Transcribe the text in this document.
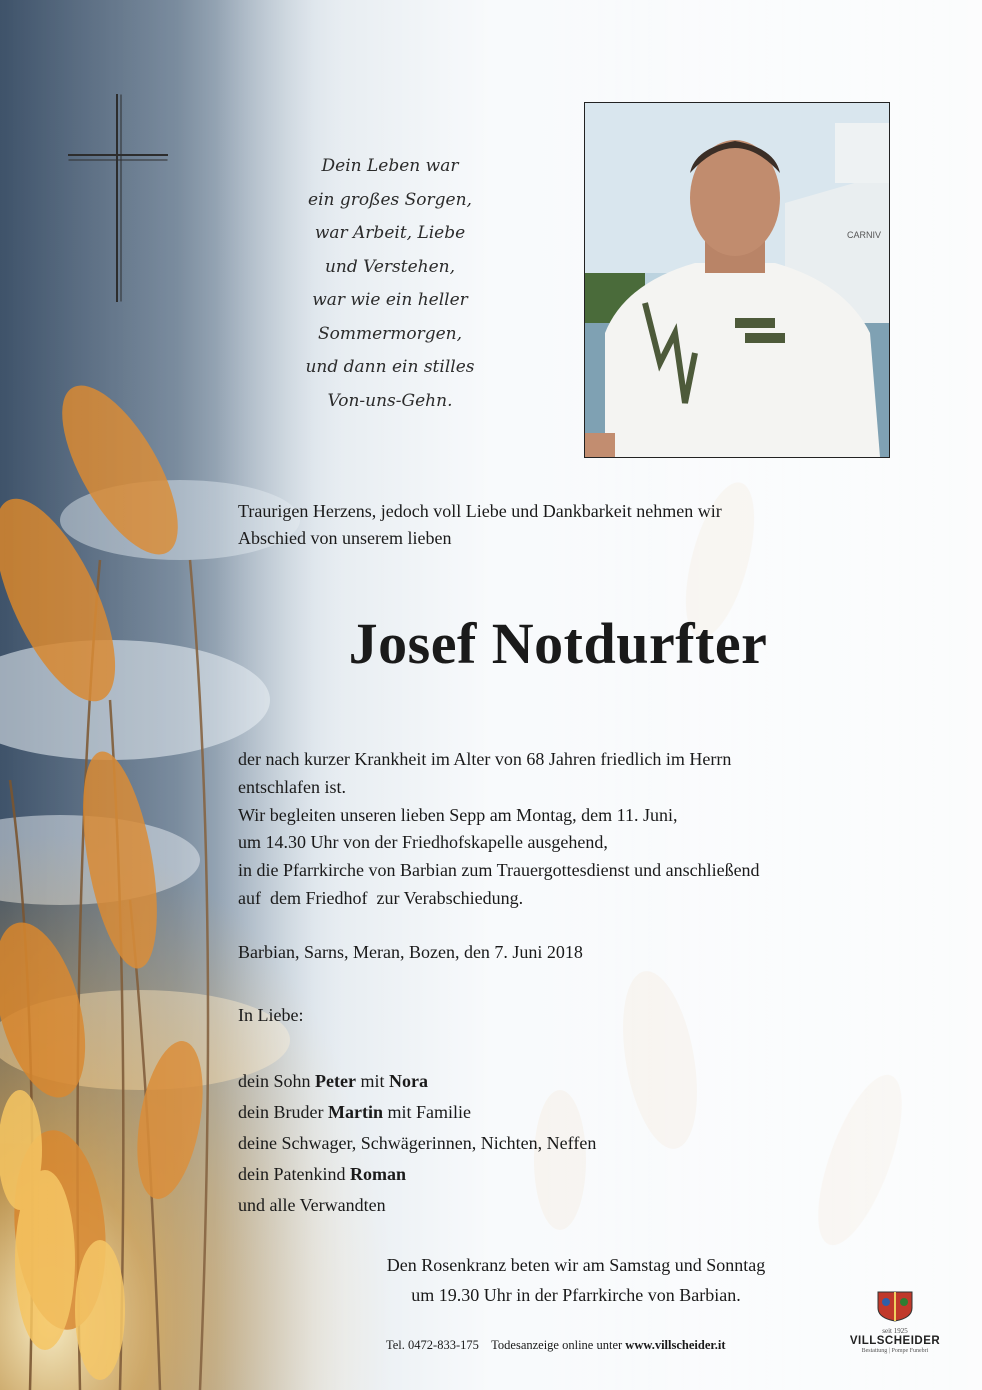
Dein Leben war
ein großes Sorgen,
war Arbeit, Liebe
und Verstehen,
war wie ein heller
Sommermorgen,
und dann ein stilles
Von-uns-Gehn.
CARNIV
Traurigen Herzens, jedoch voll Liebe und Dankbarkeit nehmen wir
Abschied von unserem lieben
Josef Notdurfter
der nach kurzer Krankheit im Alter von 68 Jahren friedlich im Herrn
entschlafen ist.
Wir begleiten unseren lieben Sepp am Montag, dem 11. Juni,
um 14.30 Uhr von der Friedhofskapelle ausgehend,
in die Pfarrkirche von Barbian zum Trauergottesdienst und anschließend
auf  dem Friedhof  zur Verabschiedung.
Barbian, Sarns, Meran, Bozen, den 7. Juni 2018
In Liebe:
dein Sohn Peter mit Nora
dein Bruder Martin mit Familie
deine Schwager, Schwägerinnen, Nichten, Neffen
dein Patenkind Roman
und alle Verwandten
Den Rosenkranz beten wir am Samstag und Sonntag
um 19.30 Uhr in der Pfarrkirche von Barbian.
Tel. 0472-833-175 Todesanzeige online unter www.villscheider.it
seit 1925
VILLSCHEIDER
Bestattung | Pompe Funebri
